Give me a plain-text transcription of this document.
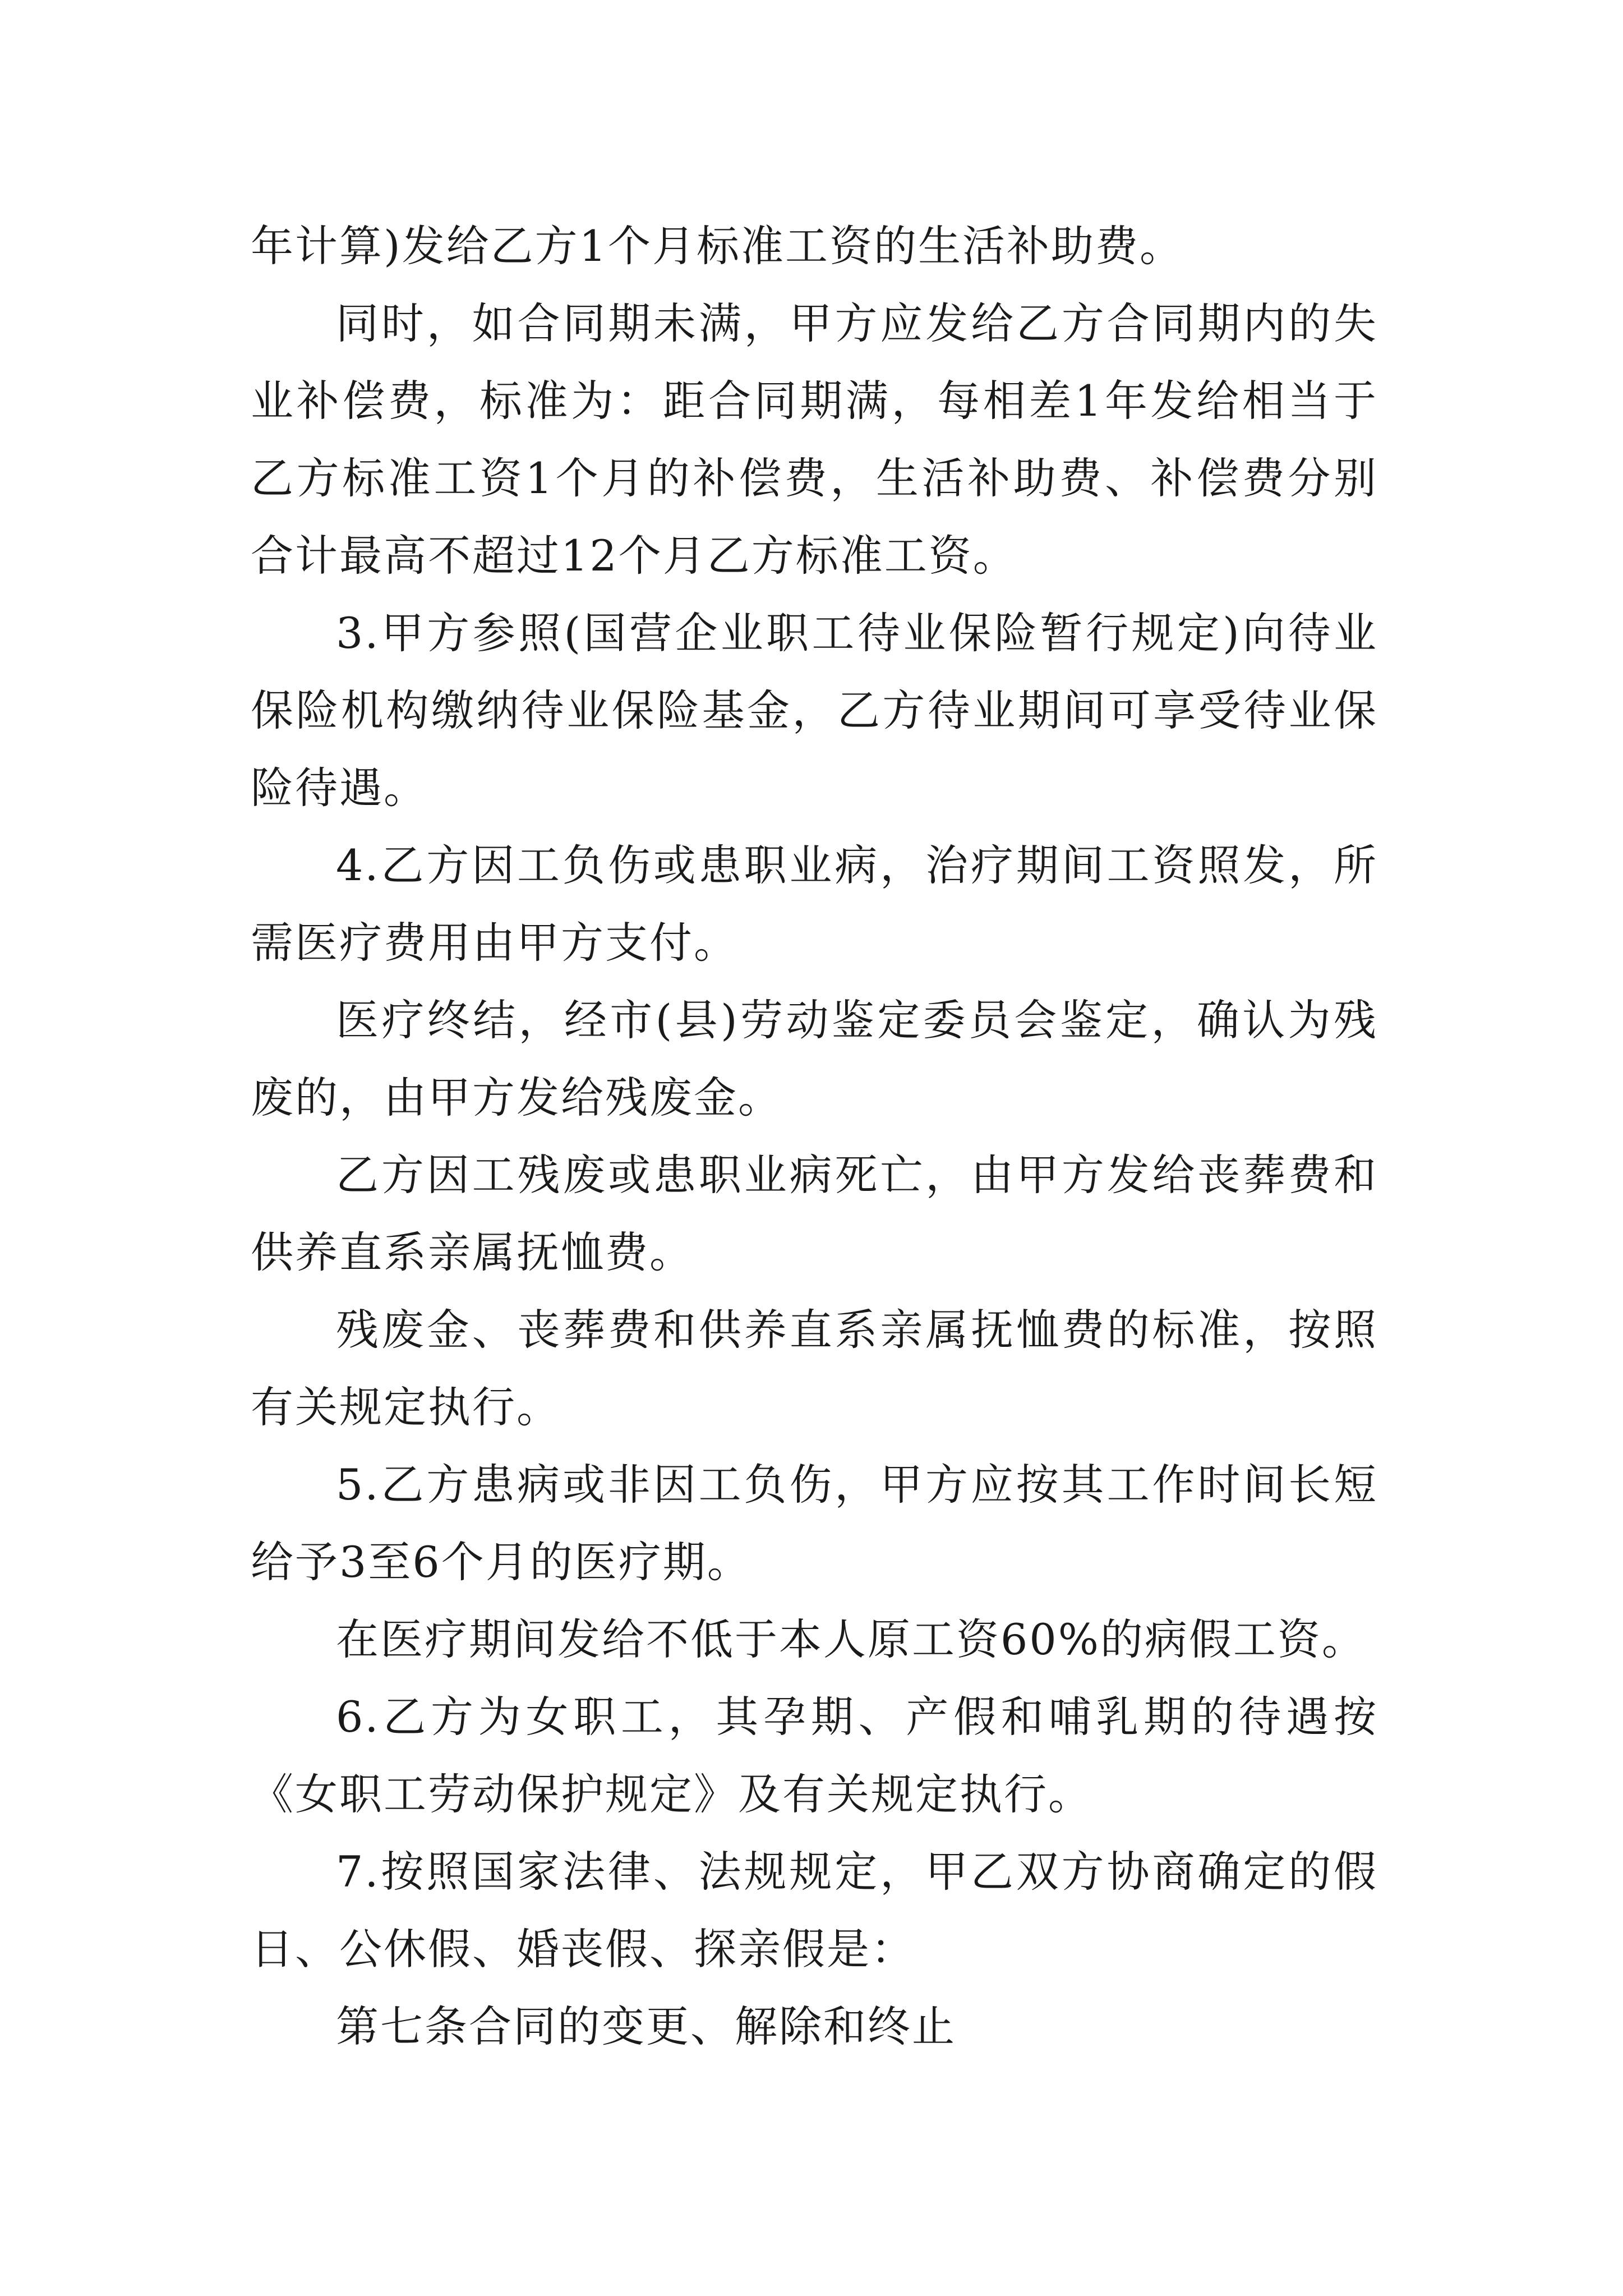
年计算)发给乙方1个月标准工资的生活补助费。

同时，如合同期未满，甲方应发给乙方合同期内的失业补偿费，标准为：距合同期满，每相差1年发给相当于乙方标准工资1个月的补偿费，生活补助费、补偿费分别合计最高不超过12个月乙方标准工资。

3.甲方参照(国营企业职工待业保险暂行规定)向待业保险机构缴纳待业保险基金，乙方待业期间可享受待业保险待遇。

4.乙方因工负伤或患职业病，治疗期间工资照发，所需医疗费用由甲方支付。

医疗终结，经市(县)劳动鉴定委员会鉴定，确认为残废的，由甲方发给残废金。

乙方因工残废或患职业病死亡，由甲方发给丧葬费和供养直系亲属抚恤费。

残废金、丧葬费和供养直系亲属抚恤费的标准，按照有关规定执行。

5.乙方患病或非因工负伤，甲方应按其工作时间长短给予3至6个月的医疗期。

在医疗期间发给不低于本人原工资60%的病假工资。

6.乙方为女职工，其孕期、产假和哺乳期的待遇按《女职工劳动保护规定》及有关规定执行。

7.按照国家法律、法规规定，甲乙双方协商确定的假日、公休假、婚丧假、探亲假是：

第七条合同的变更、解除和终止
